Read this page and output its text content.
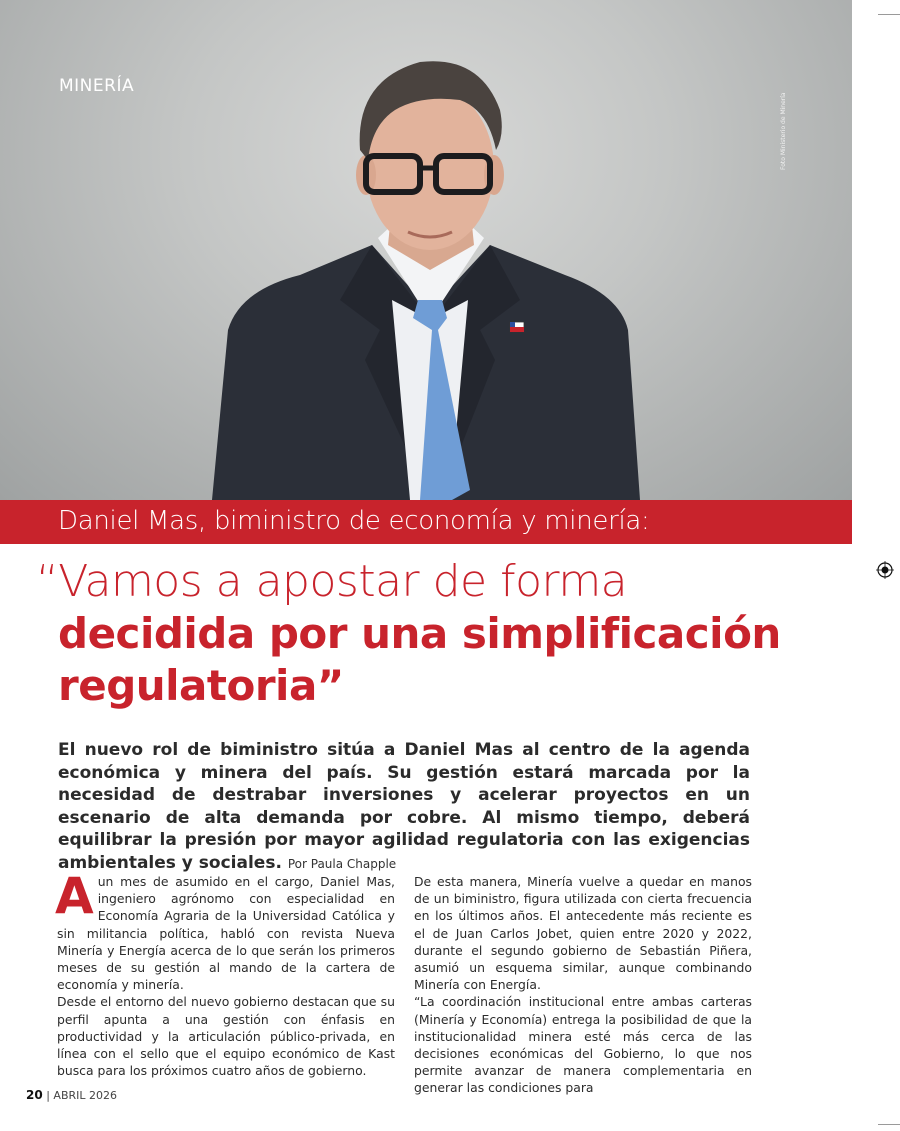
MINERÍA
Foto Ministerio de Minería
Daniel Mas, biministro de economía y minería:
“Vamos a apostar de forma
decidida por una simplificación
regulatoria”
El nuevo rol de biministro sitúa a Daniel Mas al centro de la agenda económica y minera del país. Su gestión estará marcada por la necesidad de destrabar inversiones y acelerar proyectos en un escenario de alta demanda por cobre. Al mismo tiempo, deberá equilibrar la presión por mayor agilidad regulatoria con las exigencias ambientales y sociales. Por Paula Chapple

Aun mes de asumido en el cargo, Daniel Mas, ingeniero agrónomo con especialidad en Economía Agraria de la Universidad Católica y sin militancia política, habló con revista Nueva Minería y Energía acerca de lo que serán los primeros meses de su gestión al mando de la cartera de economía y minería.

Desde el entorno del nuevo gobierno destacan que su perfil apunta a una gestión con énfasis en productividad y la articulación público-privada, en línea con el sello que el equipo económico de Kast busca para los próximos cuatro años de gobierno.

De esta manera, Minería vuelve a quedar en manos de un biministro, figura utilizada con cierta frecuencia en los últimos años. El antecedente más reciente es el de Juan Carlos Jobet, quien entre 2020 y 2022, durante el segundo gobierno de Sebastián Piñera, asumió un esquema similar, aunque combinando Minería con Energía.

“La coordinación institucional entre ambas carteras (Minería y Economía) entrega la posibilidad de que la institucionalidad minera esté más cerca de las decisiones económicas del Gobierno, lo que nos permite avanzar de manera complementaria en generar las condiciones para

20 | ABRIL 2026
